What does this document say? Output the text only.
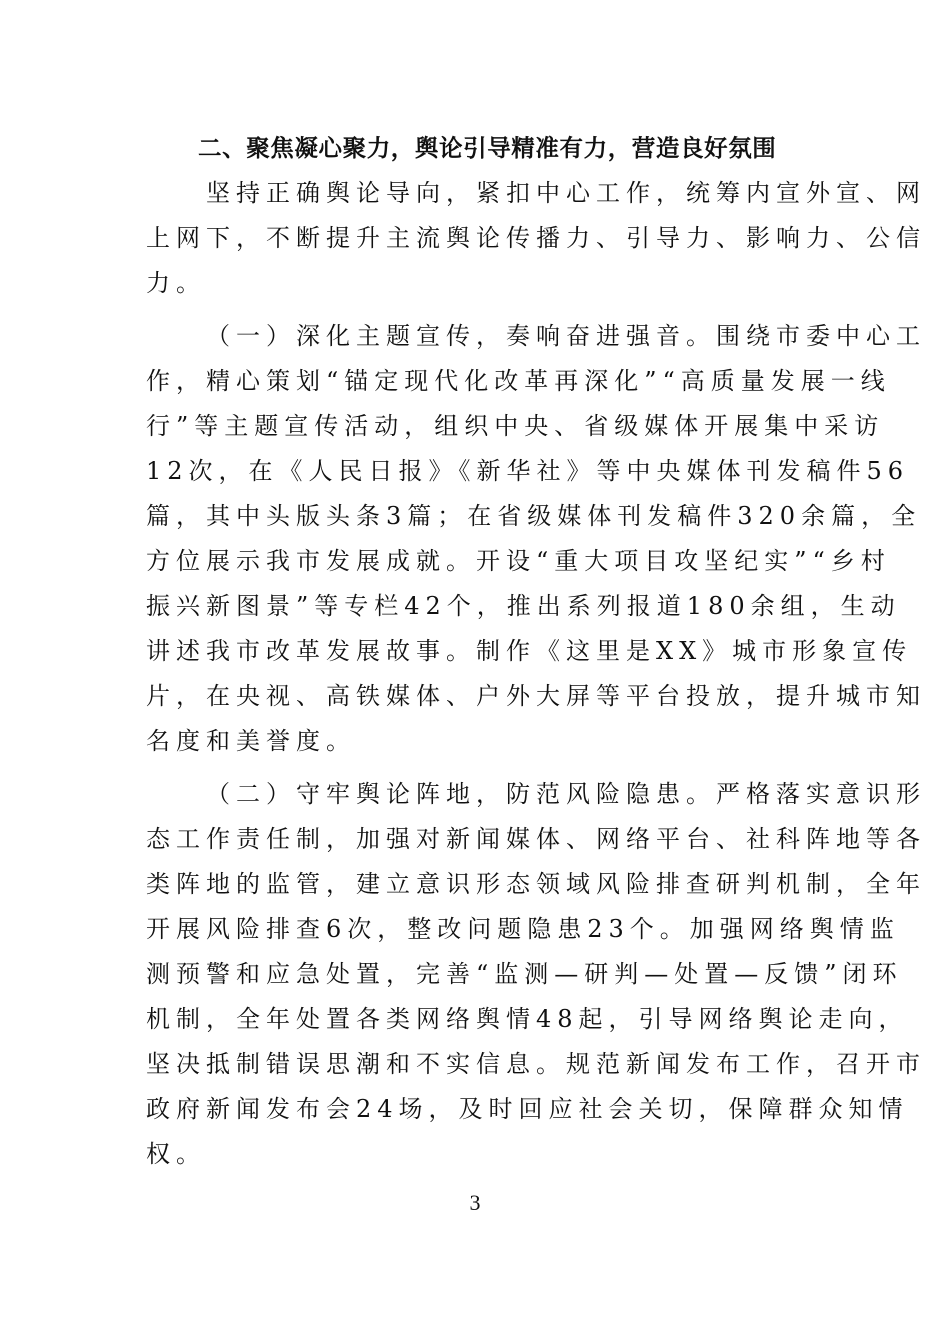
二、聚焦凝心聚力，舆论引导精准有力，营造良好氛围
坚持正确舆论导向，紧扣中心工作，统筹内宣外宣、网
上网下，不断提升主流舆论传播力、引导力、影响力、公信
力。
（一）深化主题宣传，奏响奋进强音。围绕市委中心工
作，精心策划“锚定现代化改革再深化”“高质量发展一线
行”等主题宣传活动，组织中央、省级媒体开展集中采访
12次，在《人民日报》《新华社》等中央媒体刊发稿件56
篇，其中头版头条3篇；在省级媒体刊发稿件320余篇，全
方位展示我市发展成就。开设“重大项目攻坚纪实”“乡村
振兴新图景”等专栏42个，推出系列报道180余组，生动
讲述我市改革发展故事。制作《这里是XX》城市形象宣传
片，在央视、高铁媒体、户外大屏等平台投放，提升城市知
名度和美誉度。
（二）守牢舆论阵地，防范风险隐患。严格落实意识形
态工作责任制，加强对新闻媒体、网络平台、社科阵地等各
类阵地的监管，建立意识形态领域风险排查研判机制，全年
开展风险排查6次，整改问题隐患23个。加强网络舆情监
测预警和应急处置，完善“监测—研判—处置—反馈”闭环
机制，全年处置各类网络舆情48起，引导网络舆论走向，
坚决抵制错误思潮和不实信息。规范新闻发布工作，召开市
政府新闻发布会24场，及时回应社会关切，保障群众知情
权。
3
